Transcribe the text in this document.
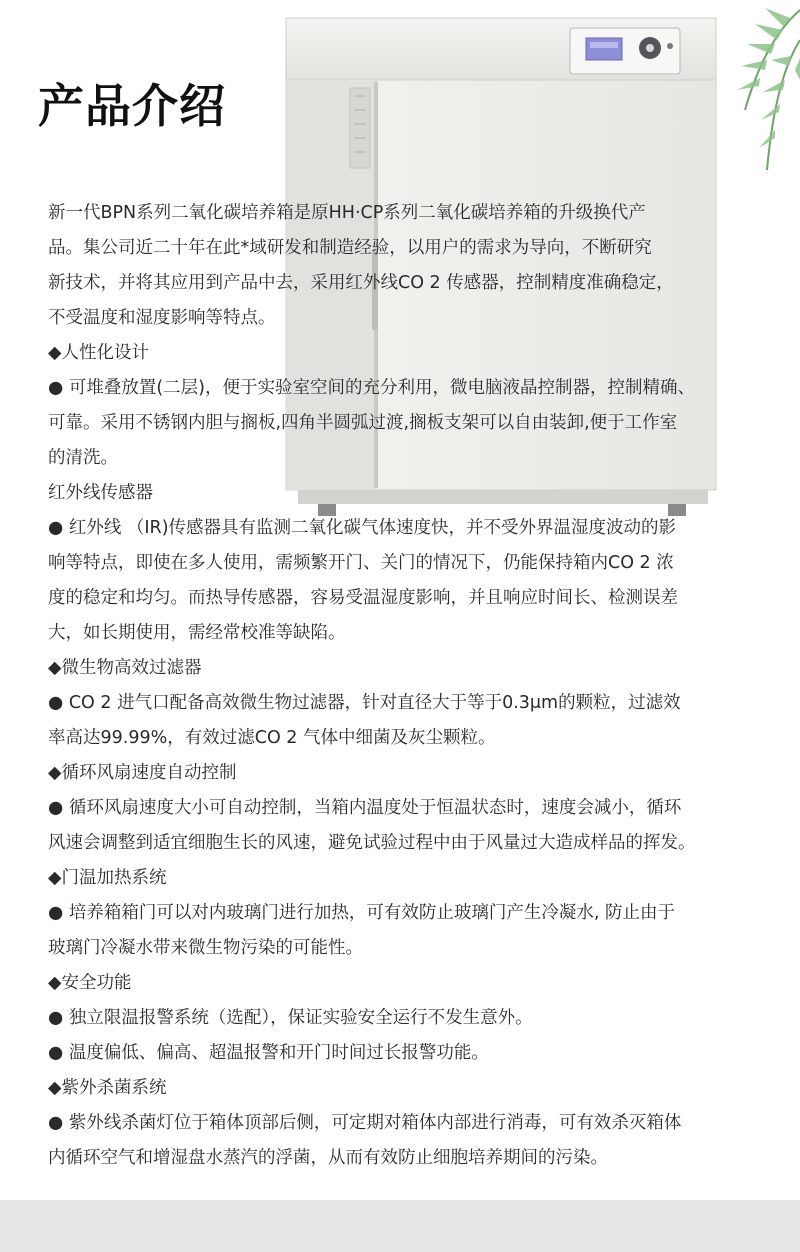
产品介绍

新一代BPN系列二氧化碳培养箱是原HH·CP系列二氧化碳培养箱的升级换代产

品。集公司近二十年在此*域研发和制造经验，以用户的需求为导向，不断研究

新技术，并将其应用到产品中去，采用红外线CO 2 传感器，控制精度准确稳定，

不受温度和湿度影响等特点。

◆人性化设计

● 可堆叠放置(二层)，便于实验室空间的充分利用，微电脑液晶控制器，控制精确、

可靠。采用不锈钢内胆与搁板,四角半圆弧过渡,搁板支架可以自由装卸,便于工作室

的清洗。

红外线传感器

● 红外线 （IR)传感器具有监测二氧化碳气体速度快，并不受外界温湿度波动的影

响等特点，即使在多人使用，需频繁开门、关门的情况下，仍能保持箱内CO 2 浓

度的稳定和均匀。而热导传感器，容易受温湿度影响，并且响应时间长、检测误差

大，如长期使用，需经常校准等缺陷。

◆微生物高效过滤器

● CO 2 进气口配备高效微生物过滤器，针对直径大于等于0.3μm的颗粒，过滤效

率高达99.99%，有效过滤CO 2 气体中细菌及灰尘颗粒。

◆循环风扇速度自动控制

● 循环风扇速度大小可自动控制，当箱内温度处于恒温状态时，速度会减小，循环

风速会调整到适宜细胞生长的风速，避免试验过程中由于风量过大造成样品的挥发。

◆门温加热系统

● 培养箱箱门可以对内玻璃门进行加热，可有效防止玻璃门产生冷凝水, 防止由于

玻璃门冷凝水带来微生物污染的可能性。

◆安全功能

● 独立限温报警系统（选配），保证实验安全运行不发生意外。

● 温度偏低、偏高、超温报警和开门时间过长报警功能。

◆紫外杀菌系统

● 紫外线杀菌灯位于箱体顶部后侧，可定期对箱体内部进行消毒，可有效杀灭箱体

内循环空气和增湿盘水蒸汽的浮菌，从而有效防止细胞培养期间的污染。
